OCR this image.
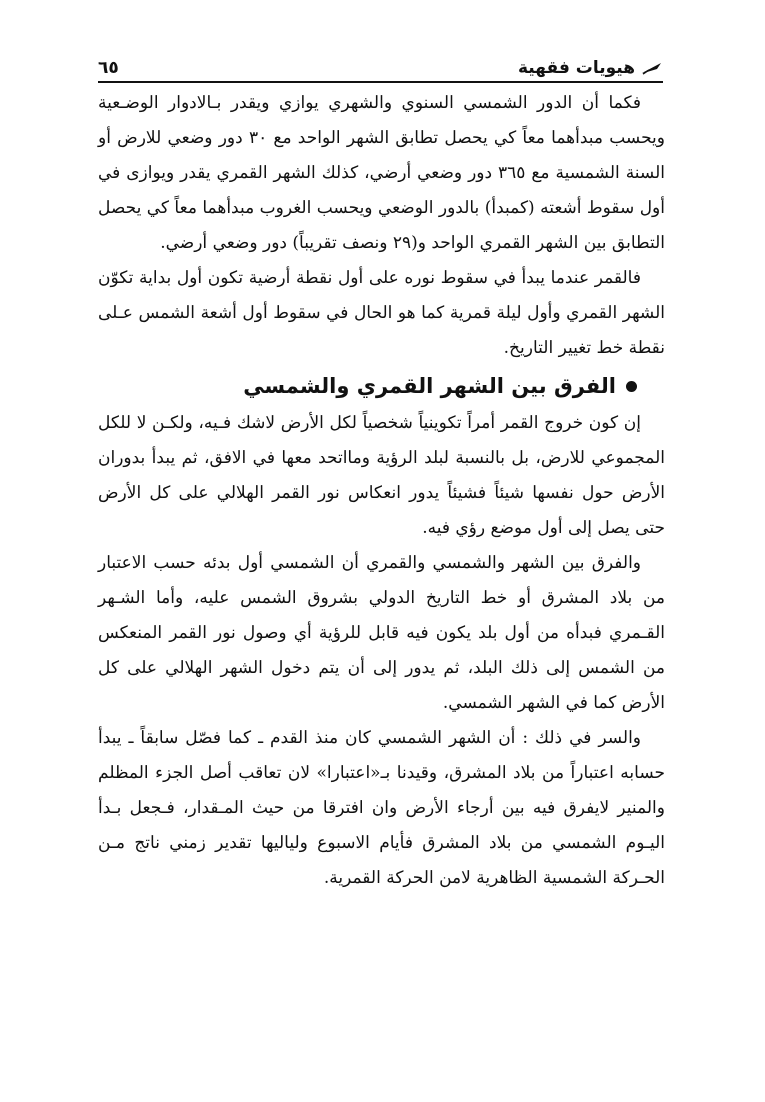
هيويات فقهية
٦٥

فكما أن الدور الشمسي السنوي والشهري يوازي ويقدر بـالادوار الوضـعية ويحسب مبدأهما معاً كي يحصل تطابق الشهر الواحد مع ٣٠ دور وضعي للارض أو السنة الشمسية مع ٣٦٥ دور وضعي أرضي، كذلك الشهر القمري يقدر ويوازى في أول سقوط أشعته (كمبدأ) بالدور الوضعي ويحسب الغروب مبدأهما معاً كي يحصل التطابق بين الشهر القمري الواحد و(٢٩ ونصف تقريباً) دور وضعي أرضي.

فالقمر عندما يبدأ في سقوط نوره على أول نقطة أرضية تكون أول بداية تكوّن الشهر القمري وأول ليلة قمرية كما هو الحال في سقوط أول أشعة الشمس عـلى نقطة خط تغيير التاريخ.

الفرق بين الشهر القمري والشمسي

إن كون خروج القمر أمراً تكوينياً شخصياً لكل الأرض لاشك فـيه، ولكـن لا للكل المجموعي للارض، بل بالنسبة لبلد الرؤية ومااتحد معها في الافق، ثم يبدأ بدوران الأرض حول نفسها شيئاً فشيئاً يدور انعكاس نور القمر الهلالي على كل الأرض حتى يصل إلى أول موضع رؤي فيه.

والفرق بين الشهر والشمسي والقمري أن الشمسي أول بدئه حسب الاعتبار من بلاد المشرق أو خط التاريخ الدولي بشروق الشمس عليه، وأما الشـهر القـمري فبدأه من أول بلد يكون فيه قابل للرؤية أي وصول نور القمر المنعكس من الشمس إلى ذلك البلد، ثم يدور إلى أن يتم دخول الشهر الهلالي على كل الأرض كما في الشهر الشمسي.

والسر في ذلك : أن الشهر الشمسي كان منذ القدم ـ كما فصّل سابقاً ـ يبدأ حسابه اعتباراً من بلاد المشرق، وقيدنا بـ«اعتبارا» لان تعاقب أصل الجزء المظلم والمنير لايفرق فيه بين أرجاء الأرض وان افترقا من حيث المـقدار، فـجعل بـدأ اليـوم الشمسي من بلاد المشرق فأيام الاسبوع ولياليها تقدير زمني ناتج مـن الحـركة الشمسية الظاهرية لامن الحركة القمرية.
